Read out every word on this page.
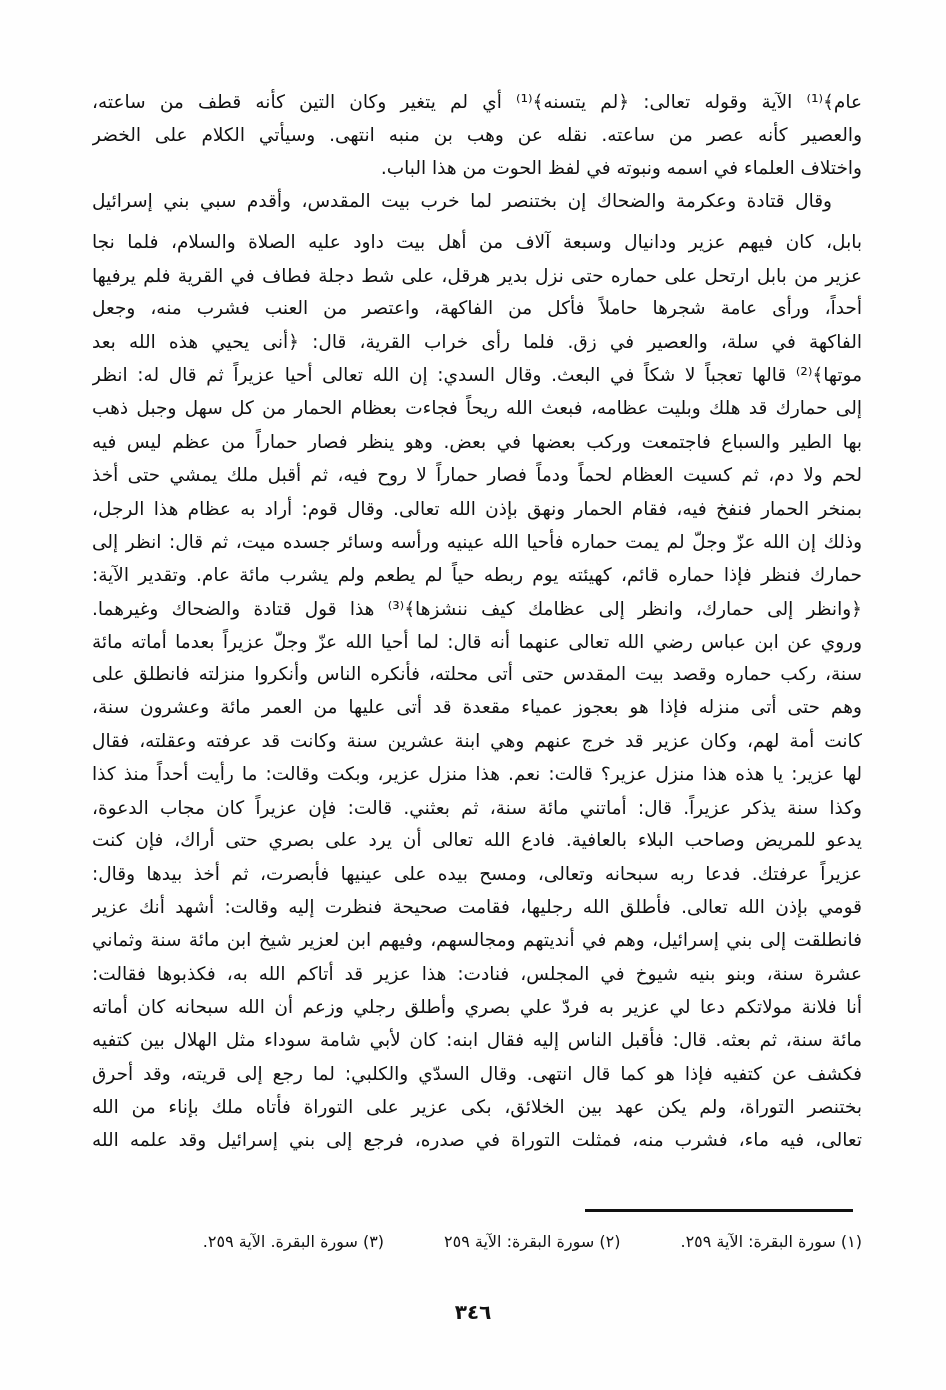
(١) سورة البقرة: الآية ٢٥٩.
(٢) سورة البقرة: الآية ٢٥٩
(٣) سورة البقرة. الآية ٢٥٩.
٣٤٦
عام﴾⁽¹⁾ الآية وقوله تعالى: ﴿لم يتسنه﴾⁽¹⁾ أي لم يتغير وكان التين كأنه قطف من ساعته،
والعصير كأنه عصر من ساعته. نقله عن وهب بن منبه انتهى. وسيأتي الكلام على الخضر
واختلاف العلماء في اسمه ونبوته في لفظ الحوت من هذا الباب.
وقال قتادة وعكرمة والضحاك إن بختنصر لما خرب بيت المقدس، وأقدم سبي بني إسرائيل
بابل، كان فيهم عزير ودانيال وسبعة آلاف من أهل بيت داود عليه الصلاة والسلام، فلما نجا
عزير من بابل ارتحل على حماره حتى نزل بدير هرقل، على شط دجلة فطاف في القرية فلم يرفيها
أحداً، ورأى عامة شجرها حاملاً فأكل من الفاكهة، واعتصر من العنب فشرب منه، وجعل
الفاكهة في سلة، والعصير في زق. فلما رأى خراب القرية، قال: ﴿أنى يحيي هذه الله بعد
موتها﴾⁽²⁾ قالها تعجباً لا شكاً في البعث. وقال السدي: إن الله تعالى أحيا عزيراً ثم قال له: انظر
إلى حمارك قد هلك وبليت عظامه، فبعث الله ريحاً فجاءت بعظام الحمار من كل سهل وجبل ذهب
بها الطير والسباع فاجتمعت وركب بعضها في بعض. وهو ينظر فصار حماراً من عظم ليس فيه
لحم ولا دم، ثم كسيت العظام لحماً ودماً فصار حماراً لا روح فيه، ثم أقبل ملك يمشي حتى أخذ
بمنخر الحمار فنفخ فيه، فقام الحمار ونهق بإذن الله تعالى. وقال قوم: أراد به عظام هذا الرجل،
وذلك إن الله عزّ وجلّ لم يمت حماره فأحيا الله عينيه ورأسه وسائر جسده ميت، ثم قال: انظر إلى
حمارك فنظر فإذا حماره قائم، كهيئته يوم ربطه حياً لم يطعم ولم يشرب مائة عام. وتقدير الآية:
﴿وانظر إلى حمارك، وانظر إلى عظامك كيف ننشزها﴾⁽³⁾ هذا قول قتادة والضحاك وغيرهما.
وروي عن ابن عباس رضي الله تعالى عنهما أنه قال: لما أحيا الله عزّ وجلّ عزيراً بعدما أماته مائة
سنة، ركب حماره وقصد بيت المقدس حتى أتى محلته، فأنكره الناس وأنكروا منزلته فانطلق على
وهم حتى أتى منزله فإذا هو بعجوز عمياء مقعدة قد أتى عليها من العمر مائة وعشرون سنة،
كانت أمة لهم، وكان عزير قد خرج عنهم وهي ابنة عشرين سنة وكانت قد عرفته وعقلته، فقال
لها عزير: يا هذه هذا منزل عزير؟ قالت: نعم. هذا منزل عزير، وبكت وقالت: ما رأيت أحداً منذ كذا
وكذا سنة يذكر عزيراً. قال: أماتني مائة سنة، ثم بعثني. قالت: فإن عزيراً كان مجاب الدعوة،
يدعو للمريض وصاحب البلاء بالعافية. فادع الله تعالى أن يرد على بصري حتى أراك، فإن كنت
عزيراً عرفتك. فدعا ربه سبحانه وتعالى، ومسح بيده على عينيها فأبصرت، ثم أخذ بيدها وقال:
قومي بإذن الله تعالى. فأطلق الله رجليها، فقامت صحيحة فنظرت إليه وقالت: أشهد أنك عزير
فانطلقت إلى بني إسرائيل، وهم في أنديتهم ومجالسهم، وفيهم ابن لعزير شيخ ابن مائة سنة وثماني
عشرة سنة، وبنو بنيه شيوخ في المجلس، فنادت: هذا عزير قد أتاكم الله به، فكذبوها فقالت:
أنا فلانة مولاتكم دعا لي عزير به فردّ علي بصري وأطلق رجلي وزعم أن الله سبحانه كان أماته
مائة سنة، ثم بعثه. قال: فأقبل الناس إليه فقال ابنه: كان لأبي شامة سوداء مثل الهلال بين كتفيه
فكشف عن كتفيه فإذا هو كما قال انتهى. وقال السدّي والكلبي: لما رجع إلى قريته، وقد أحرق
بختنصر التوراة، ولم يكن عهد بين الخلائق، بكى عزير على التوراة فأتاه ملك بإناء من الله
تعالى، فيه ماء، فشرب منه، فمثلت التوراة في صدره، فرجع إلى بني إسرائيل وقد علمه الله
